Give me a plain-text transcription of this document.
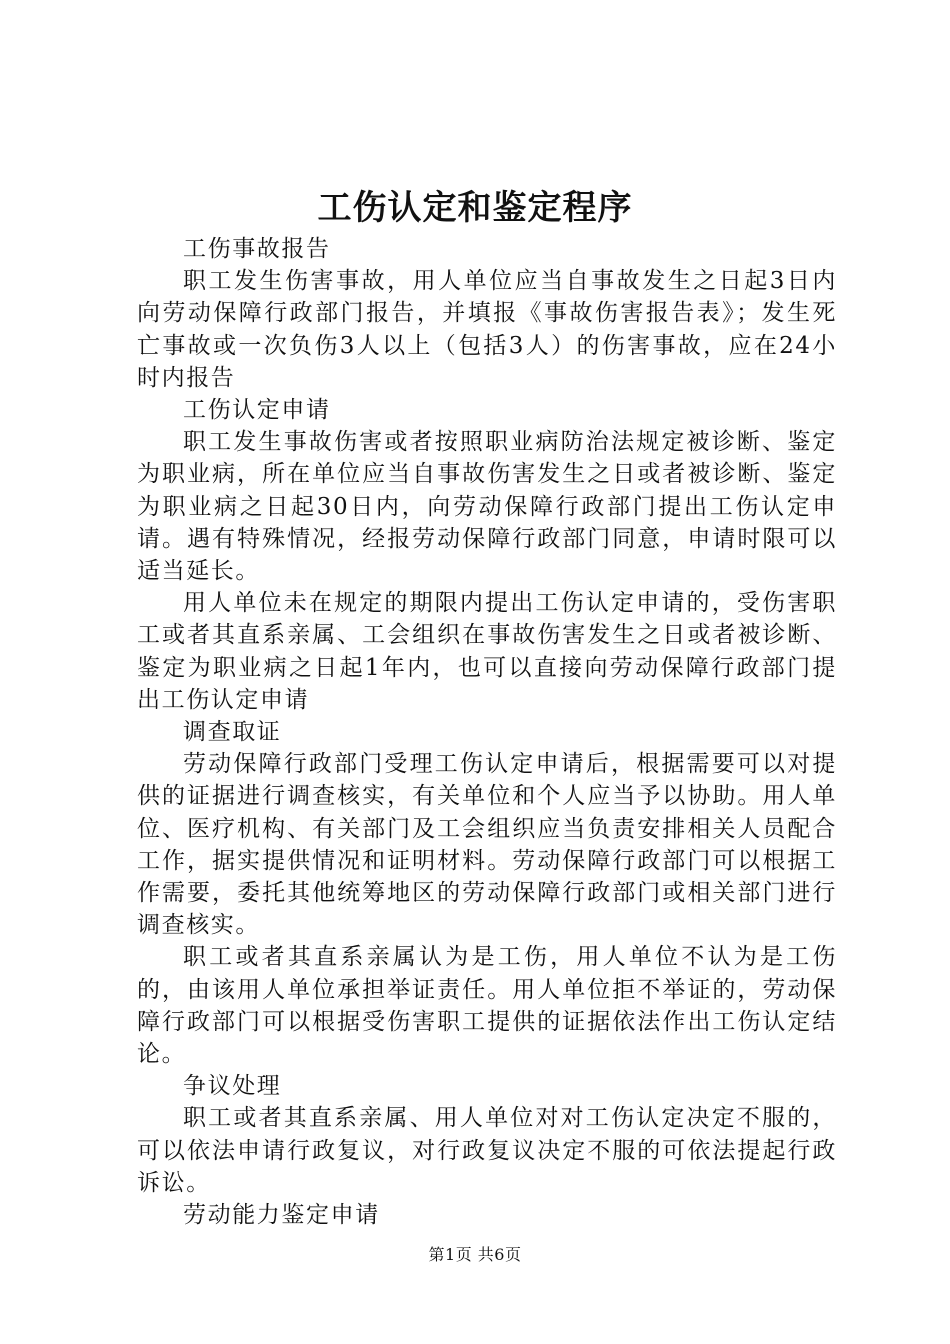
工伤认定和鉴定程序

工伤事故报告

职工发生伤害事故，用人单位应当自事故发生之日起3日内向劳动保障行政部门报告，并填报《事故伤害报告表》；发生死亡事故或一次负伤3人以上（包括3人）的伤害事故，应在24小时内报告

工伤认定申请

职工发生事故伤害或者按照职业病防治法规定被诊断、鉴定为职业病，所在单位应当自事故伤害发生之日或者被诊断、鉴定为职业病之日起30日内，向劳动保障行政部门提出工伤认定申请。遇有特殊情况，经报劳动保障行政部门同意，申请时限可以适当延长。

用人单位未在规定的期限内提出工伤认定申请的，受伤害职工或者其直系亲属、工会组织在事故伤害发生之日或者被诊断、鉴定为职业病之日起1年内，也可以直接向劳动保障行政部门提出工伤认定申请

调查取证

劳动保障行政部门受理工伤认定申请后，根据需要可以对提供的证据进行调查核实，有关单位和个人应当予以协助。用人单位、医疗机构、有关部门及工会组织应当负责安排相关人员配合工作，据实提供情况和证明材料。劳动保障行政部门可以根据工作需要，委托其他统筹地区的劳动保障行政部门或相关部门进行调查核实。

职工或者其直系亲属认为是工伤，用人单位不认为是工伤的，由该用人单位承担举证责任。用人单位拒不举证的，劳动保障行政部门可以根据受伤害职工提供的证据依法作出工伤认定结论。

争议处理

职工或者其直系亲属、用人单位对对工伤认定决定不服的，可以依法申请行政复议，对行政复议决定不服的可依法提起行政诉讼。

劳动能力鉴定申请

第1页 共6页
